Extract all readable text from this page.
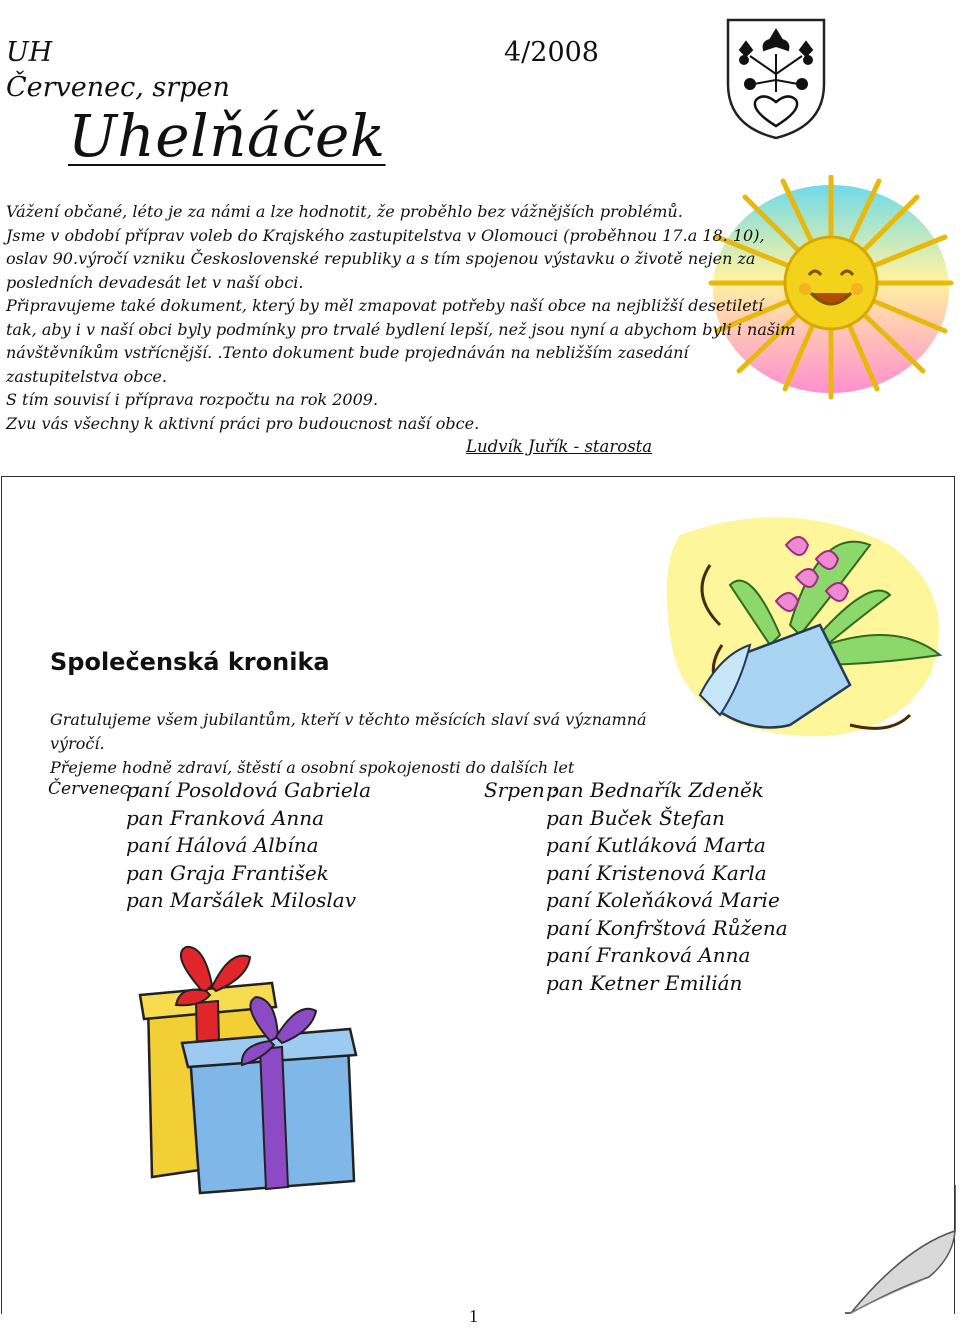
UH	4/2008
Červenec, srpen
Uhelňáček

Vážení občané, léto je za námi a lze hodnotit, že proběhlo bez vážnějších problémů.

Jsme v období příprav voleb do Krajského zastupitelstva v Olomouci (proběhnou 17.a 18. 10),

oslav 90.výročí vzniku Československé republiky a s tím spojenou výstavku o životě nejen za

posledních devadesát let v naší obci.

Připravujeme také dokument, který by měl zmapovat potřeby naší obce na nejbližší desetiletí

tak, aby i v naší obci byly podmínky pro trvalé bydlení lepší, než jsou nyní a abychom byli i našim

návštěvníkům vstřícnější. .Tento dokument bude projednáván na nebližším zasedání zastupitelstva obce.

S tím souvisí i příprava rozpočtu na rok 2009.

Zvu vás všechny k aktivní práci pro budoucnost naší obce.

Ludvík Juřík - starosta
Společenská kronika

Gratulujeme všem jubilantům, kteří v těchto měsících slaví svá významná výročí.

Přejeme hodně zdraví, štěstí a osobní spokojenosti do dalších let

Červenec :
paní Posoldová Gabriela
pan Franková Anna
paní Hálová Albína
pan Graja František
pan Maršálek Miloslav
Srpen :
pan Bednařík Zdeněk
pan Buček Štefan
paní Kutláková Marta
paní Kristenová Karla
paní Koleňáková Marie
paní Konfrštová Růžena
paní Franková Anna
pan Ketner Emilián
1
